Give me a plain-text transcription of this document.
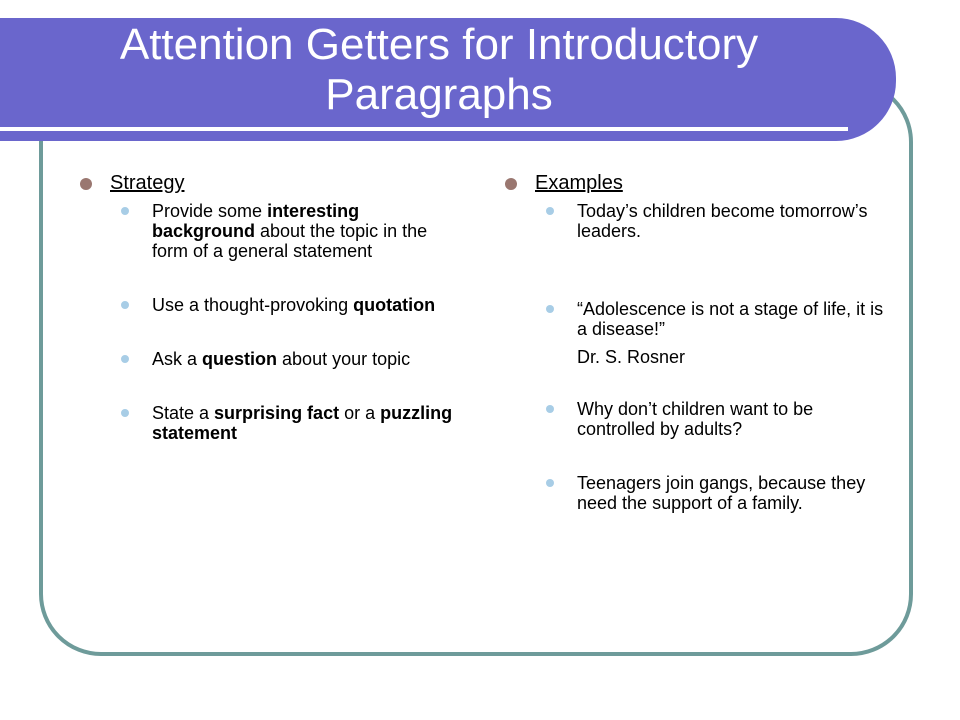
Attention Getters for Introductory Paragraphs
Strategy
Provide some interesting background about the topic in the form of a general statement
Use a thought-provoking quotation
Ask a question about your topic
State a surprising fact or a puzzling statement
Examples
Today’s children become tomorrow’s leaders.
“Adolescence is not a stage of life, it is a disease!”
Dr. S. Rosner
Why don’t children want to be controlled by adults?
Teenagers join gangs, because they need the support of a family.
